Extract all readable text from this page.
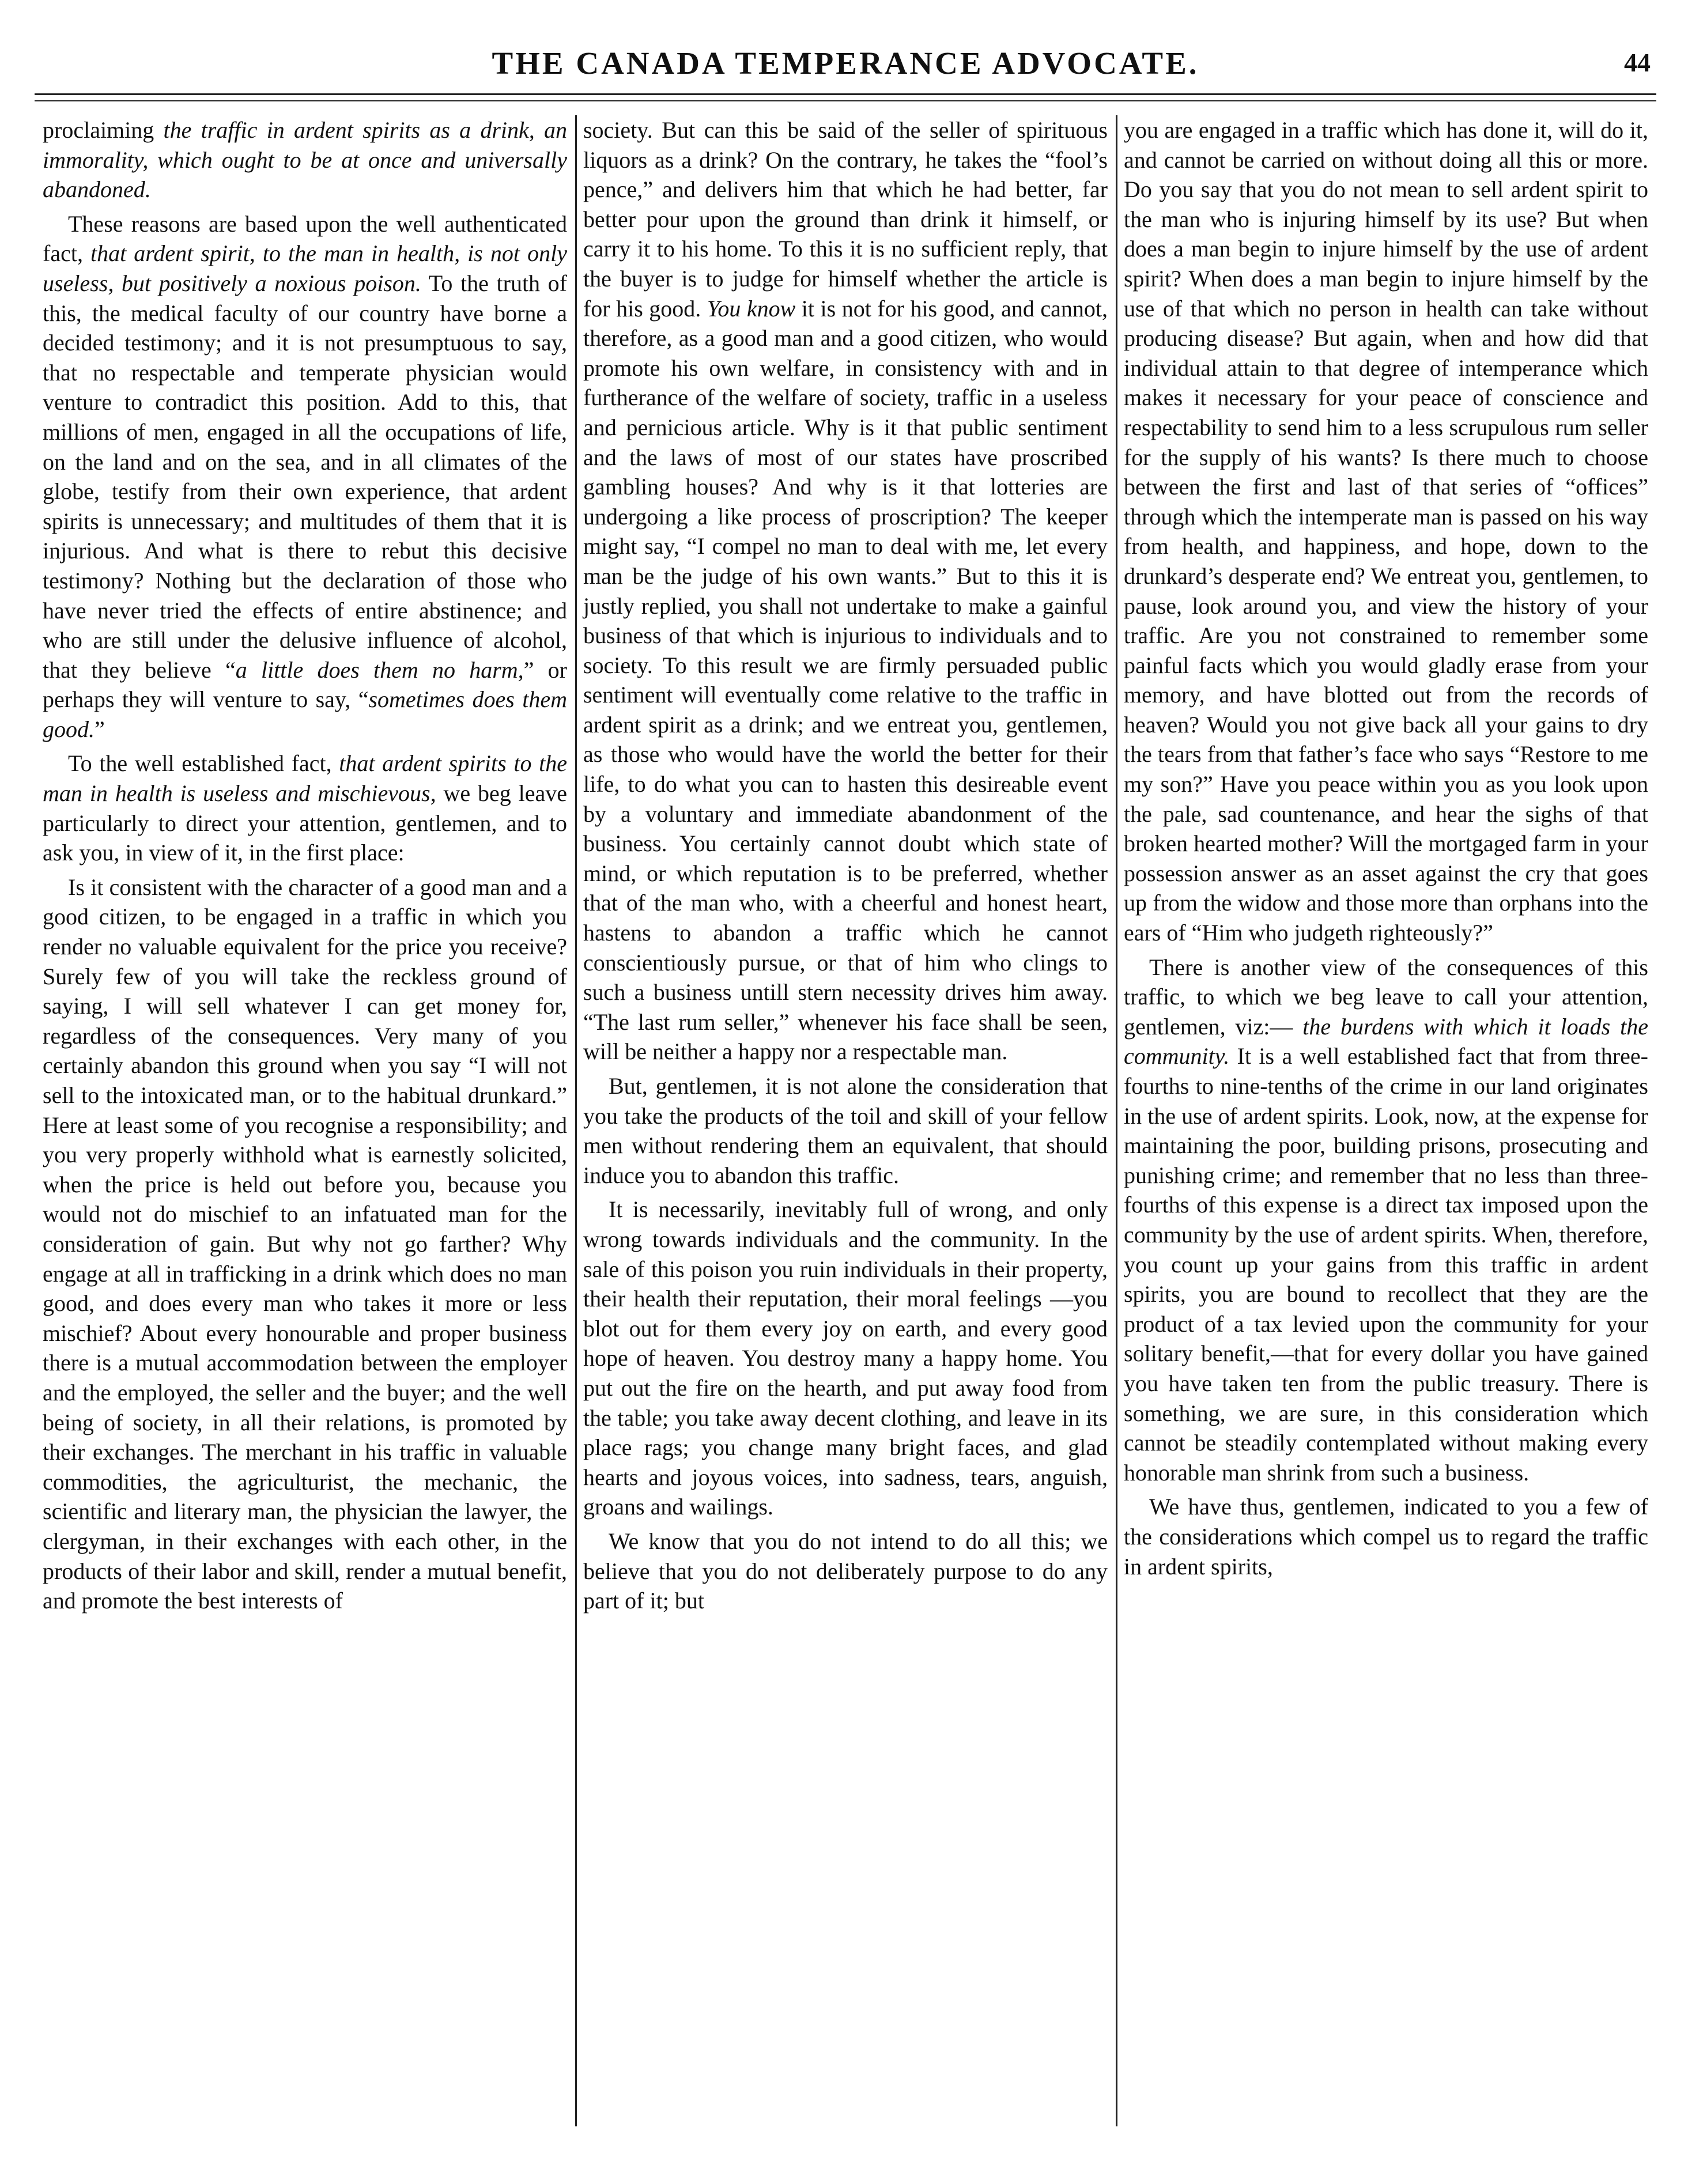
THE CANADA TEMPERANCE ADVOCATE.	44

proclaiming the traffic in ardent spirits as a drink, an immorality, which ought to be at once and universally abandoned.

These reasons are based upon the well authenticated fact, that ardent spirit, to the man in health, is not only useless, but positively a noxious poison. To the truth of this, the medical faculty of our country have borne a decided testimony; and it is not presumptuous to say, that no respectable and temperate physician would venture to contradict this position. Add to this, that millions of men, engaged in all the occupations of life, on the land and on the sea, and in all climates of the globe, testify from their own experience, that ardent spirits is unnecessary; and multitudes of them that it is injurious. And what is there to rebut this decisive testimony? Nothing but the declaration of those who have never tried the effects of entire abstinence; and who are still under the delusive influence of alcohol, that they believe “a little does them no harm,” or perhaps they will venture to say, “sometimes does them good.”

To the well established fact, that ardent spirits to the man in health is useless and mischievous, we beg leave particularly to direct your attention, gentlemen, and to ask you, in view of it, in the first place:

Is it consistent with the character of a good man and a good citizen, to be engaged in a traffic in which you render no valuable equivalent for the price you receive? Surely few of you will take the reckless ground of saying, I will sell whatever I can get money for, regardless of the consequences. Very many of you certainly abandon this ground when you say “I will not sell to the intoxicated man, or to the habitual drunkard.” Here at least some of you recognise a responsibility; and you very properly withhold what is earnestly solicited, when the price is held out before you, because you would not do mischief to an infatuated man for the consideration of gain. But why not go farther? Why engage at all in trafficking in a drink which does no man good, and does every man who takes it more or less mischief? About every honourable and proper business there is a mutual accommodation between the employer and the employed, the seller and the buyer; and the well being of society, in all their relations, is promoted by their exchanges. The merchant in his traffic in valuable commodities, the agriculturist, the mechanic, the scientific and literary man, the physician the lawyer, the clergyman, in their exchanges with each other, in the products of their labor and skill, render a mutual benefit, and promote the best interests of

society. But can this be said of the seller of spirituous liquors as a drink? On the contrary, he takes the “fool’s pence,” and delivers him that which he had better, far better pour upon the ground than drink it himself, or carry it to his home. To this it is no sufficient reply, that the buyer is to judge for himself whether the article is for his good. You know it is not for his good, and cannot, therefore, as a good man and a good citizen, who would promote his own welfare, in consistency with and in furtherance of the welfare of society, traffic in a useless and pernicious article. Why is it that public sentiment and the laws of most of our states have proscribed gambling houses? And why is it that lotteries are undergoing a like process of proscription? The keeper might say, “I compel no man to deal with me, let every man be the judge of his own wants.” But to this it is justly replied, you shall not undertake to make a gainful business of that which is injurious to individuals and to society. To this result we are firmly persuaded public sentiment will eventually come relative to the traffic in ardent spirit as a drink; and we entreat you, gentlemen, as those who would have the world the better for their life, to do what you can to hasten this desireable event by a voluntary and immediate abandonment of the business. You certainly cannot doubt which state of mind, or which reputation is to be preferred, whether that of the man who, with a cheerful and honest heart, hastens to abandon a traffic which he cannot conscientiously pursue, or that of him who clings to such a business untill stern necessity drives him away. “The last rum seller,” whenever his face shall be seen, will be neither a happy nor a respectable man.

But, gentlemen, it is not alone the consideration that you take the products of the toil and skill of your fellow men without rendering them an equivalent, that should induce you to abandon this traffic.

It is necessarily, inevitably full of wrong, and only wrong towards individuals and the community. In the sale of this poison you ruin individuals in their property, their health their reputation, their moral feelings —you blot out for them every joy on earth, and every good hope of heaven. You destroy many a happy home. You put out the fire on the hearth, and put away food from the table; you take away decent clothing, and leave in its place rags; you change many bright faces, and glad hearts and joyous voices, into sadness, tears, anguish, groans and wailings.

We know that you do not intend to do all this; we believe that you do not deliberately purpose to do any part of it; but

you are engaged in a traffic which has done it, will do it, and cannot be carried on without doing all this or more. Do you say that you do not mean to sell ardent spirit to the man who is injuring himself by its use? But when does a man begin to injure himself by the use of ardent spirit? When does a man begin to injure himself by the use of that which no person in health can take without producing disease? But again, when and how did that individual attain to that degree of intemperance which makes it necessary for your peace of conscience and respectability to send him to a less scrupulous rum seller for the supply of his wants? Is there much to choose between the first and last of that series of “offices” through which the intemperate man is passed on his way from health, and happiness, and hope, down to the drunkard’s desperate end? We entreat you, gentlemen, to pause, look around you, and view the history of your traffic. Are you not constrained to remember some painful facts which you would gladly erase from your memory, and have blotted out from the records of heaven? Would you not give back all your gains to dry the tears from that father’s face who says “Restore to me my son?” Have you peace within you as you look upon the pale, sad countenance, and hear the sighs of that broken hearted mother? Will the mortgaged farm in your possession answer as an asset against the cry that goes up from the widow and those more than orphans into the ears of “Him who judgeth righteously?”

There is another view of the consequences of this traffic, to which we beg leave to call your attention, gentlemen, viz:— the burdens with which it loads the community. It is a well established fact that from three-fourths to nine-tenths of the crime in our land originates in the use of ardent spirits. Look, now, at the expense for maintaining the poor, building prisons, prosecuting and punishing crime; and remember that no less than three-fourths of this expense is a direct tax imposed upon the community by the use of ardent spirits. When, therefore, you count up your gains from this traffic in ardent spirits, you are bound to recollect that they are the product of a tax levied upon the community for your solitary benefit,—that for every dollar you have gained you have taken ten from the public treasury. There is something, we are sure, in this consideration which cannot be steadily contemplated without making every honorable man shrink from such a business.

We have thus, gentlemen, indicated to you a few of the considerations which compel us to regard the traffic in ardent spirits,
